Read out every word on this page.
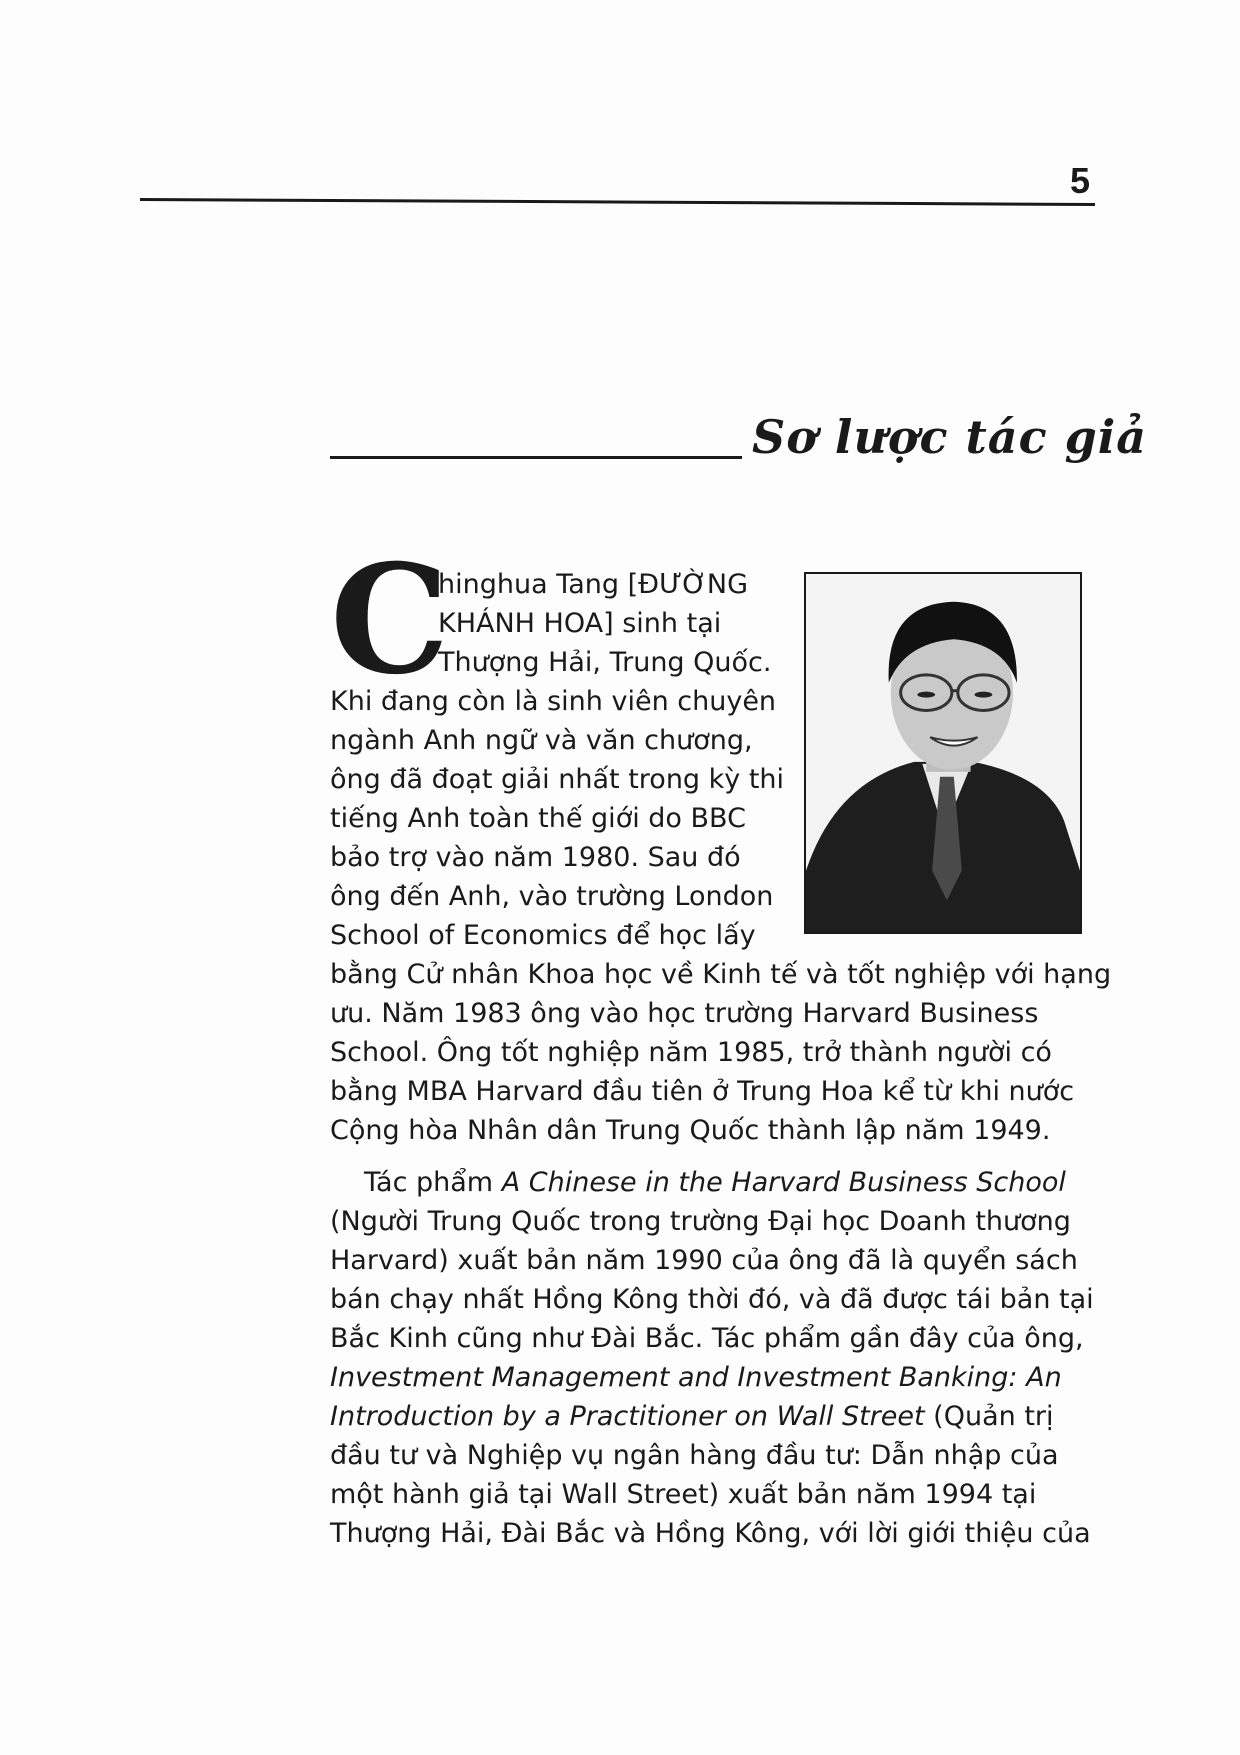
5
Sơ lược tác giả
C
hinghua Tang [ĐƯỜNG
KHÁNH HOA] sinh tại
Thượng Hải, Trung Quốc.
Khi đang còn là sinh viên chuyên
ngành Anh ngữ và văn chương,
ông đã đoạt giải nhất trong kỳ thi
tiếng Anh toàn thế giới do BBC
bảo trợ vào năm 1980. Sau đó
ông đến Anh, vào trường London
School of Economics để học lấy
bằng Cử nhân Khoa học về Kinh tế và tốt nghiệp với hạng
ưu. Năm 1983 ông vào học trường Harvard Business
School. Ông tốt nghiệp năm 1985, trở thành người có
bằng MBA Harvard đầu tiên ở Trung Hoa kể từ khi nước
Cộng hòa Nhân dân Trung Quốc thành lập năm 1949.
Tác phẩm A Chinese in the Harvard Business School
(Người Trung Quốc trong trường Đại học Doanh thương
Harvard) xuất bản năm 1990 của ông đã là quyển sách
bán chạy nhất Hồng Kông thời đó, và đã được tái bản tại
Bắc Kinh cũng như Đài Bắc. Tác phẩm gần đây của ông,
Investment Management and Investment Banking: An
Introduction by a Practitioner on Wall Street (Quản trị
đầu tư và Nghiệp vụ ngân hàng đầu tư: Dẫn nhập của
một hành giả tại Wall Street) xuất bản năm 1994 tại
Thượng Hải, Đài Bắc và Hồng Kông, với lời giới thiệu của
